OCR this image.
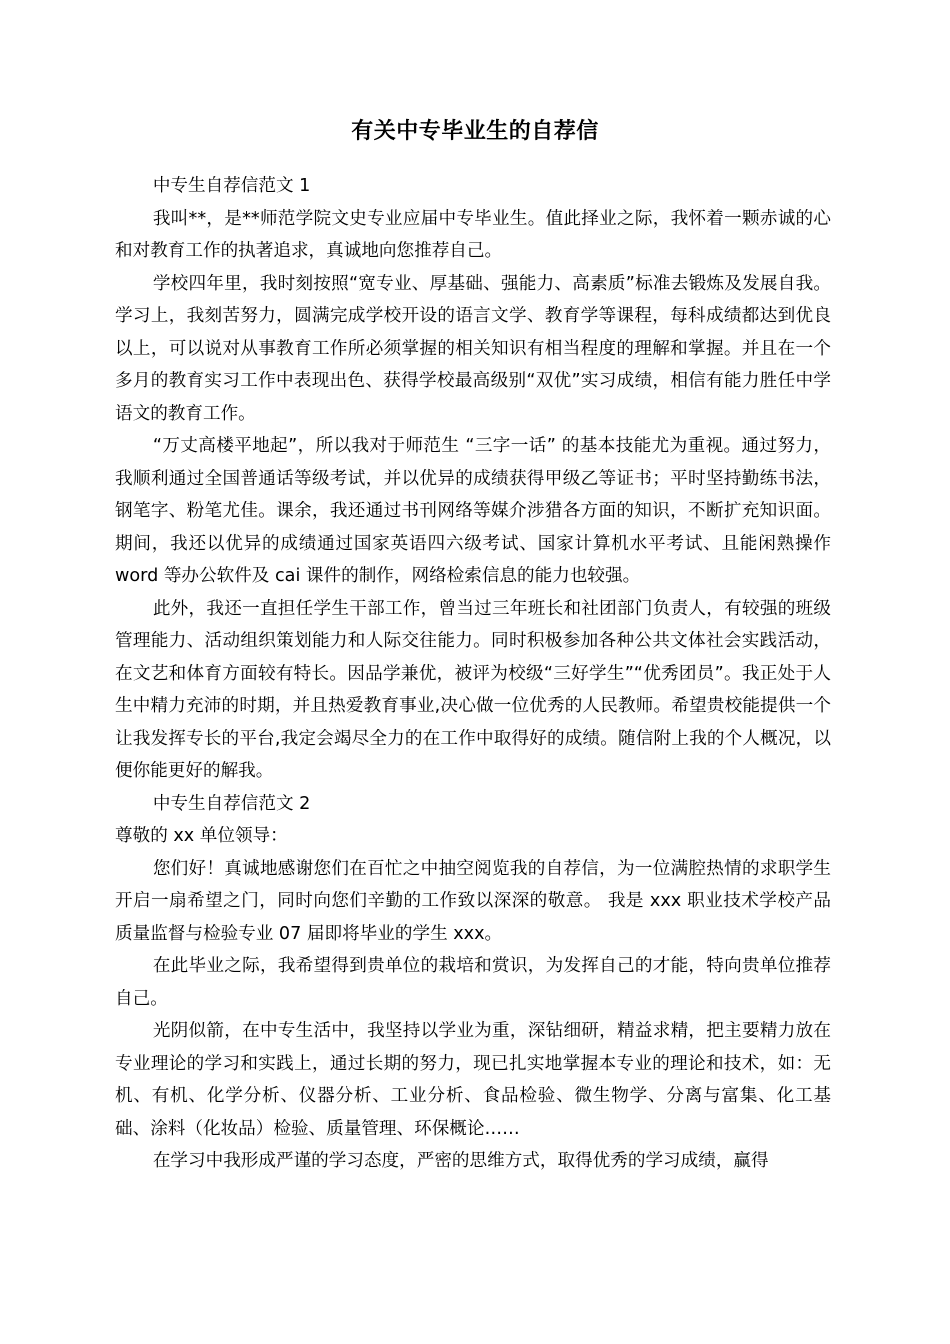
有关中专毕业生的自荐信

中专生自荐信范文 1

我叫**，是**师范学院文史专业应届中专毕业生。值此择业之际，我怀着一颗赤诚的心和对教育工作的执著追求，真诚地向您推荐自己。

学校四年里，我时刻按照“宽专业、厚基础、强能力、高素质”标准去锻炼及发展自我。学习上，我刻苦努力，圆满完成学校开设的语言文学、教育学等课程，每科成绩都达到优良以上，可以说对从事教育工作所必须掌握的相关知识有相当程度的理解和掌握。并且在一个多月的教育实习工作中表现出色、获得学校最高级别“双优”实习成绩，相信有能力胜任中学语文的教育工作。

“万丈高楼平地起”，所以我对于师范生 “三字一话” 的基本技能尤为重视。通过努力，我顺利通过全国普通话等级考试，并以优异的成绩获得甲级乙等证书；平时坚持勤练书法，钢笔字、粉笔尤佳。课余，我还通过书刊网络等媒介涉猎各方面的知识，不断扩充知识面。期间，我还以优异的成绩通过国家英语四六级考试、国家计算机水平考试、且能闲熟操作 word 等办公软件及 cai 课件的制作，网络检索信息的能力也较强。

此外，我还一直担任学生干部工作，曾当过三年班长和社团部门负责人，有较强的班级管理能力、活动组织策划能力和人际交往能力。同时积极参加各种公共文体社会实践活动，在文艺和体育方面较有特长。因品学兼优，被评为校级“三好学生”“优秀团员”。我正处于人生中精力充沛的时期，并且热爱教育事业,决心做一位优秀的人民教师。希望贵校能提供一个让我发挥专长的平台,我定会竭尽全力的在工作中取得好的成绩。随信附上我的个人概况，以便你能更好的解我。

中专生自荐信范文 2

尊敬的 xx 单位领导：

您们好！真诚地感谢您们在百忙之中抽空阅览我的自荐信，为一位满腔热情的求职学生开启一扇希望之门，同时向您们辛勤的工作致以深深的敬意。 我是 xxx 职业技术学校产品质量监督与检验专业 07 届即将毕业的学生 xxx。

在此毕业之际，我希望得到贵单位的栽培和赏识，为发挥自己的才能，特向贵单位推荐自己。

光阴似箭，在中专生活中，我坚持以学业为重，深钻细研，精益求精，把主要精力放在专业理论的学习和实践上，通过长期的努力，现已扎实地掌握本专业的理论和技术，如：无机、有机、化学分析、仪器分析、工业分析、食品检验、微生物学、分离与富集、化工基础、涂料（化妆品）检验、质量管理、环保概论……

在学习中我形成严谨的学习态度，严密的思维方式，取得优秀的学习成绩，赢得
